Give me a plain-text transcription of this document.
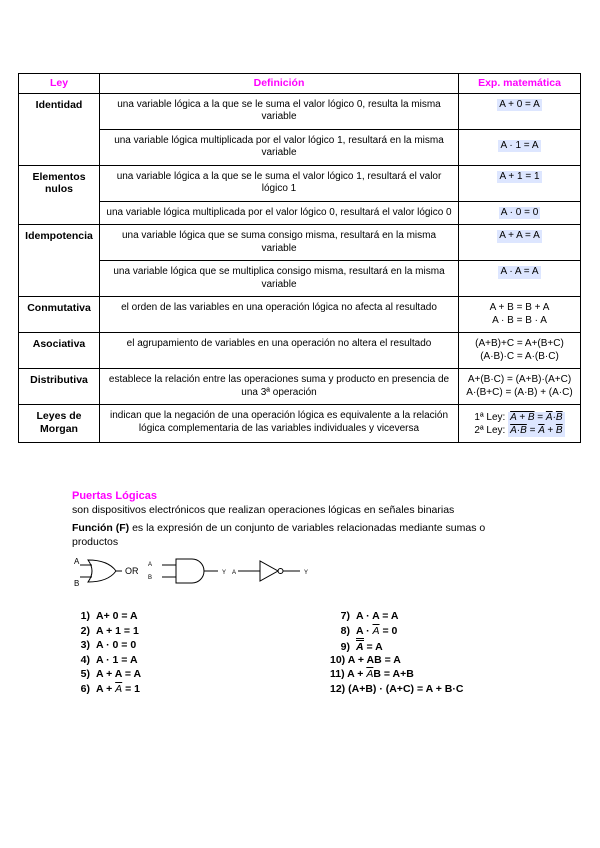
Ley	Definición	Exp. matemática
Identidad	una variable lógica a la que se le suma el valor lógico 0, resulta la misma variable	A + 0 = A
	una variable lógica multiplicada por el valor lógico 1, resultará en la misma variable	A · 1 = A
Elementos nulos	una variable lógica a la que se le suma el valor lógico 1, resultará el valor lógico 1	A + 1 = 1
	una variable lógica multiplicada por el valor lógico 0, resultará el valor lógico 0	A · 0 = 0
Idempotencia	una variable lógica que se suma consigo misma, resultará en la misma variable	A + A = A
	una variable lógica que se multiplica consigo misma, resultará en la misma variable	A · A = A
Conmutativa	el orden de las variables en una operación lógica no afecta al resultado	A + B = B + A
A · B = B · A

Asociativa	el agrupamiento de variables en una operación no altera el resultado	(A+B)+C = A+(B+C)
(A·B)·C = A·(B·C)

Distributiva	establece la relación entre las operaciones suma y producto en presencia de una 3ª operación	A+(B·C) = (A+B)·(A+C)
A·(B+C) = (A·B) + (A·C)

Leyes de Morgan	indican que la negación de una operación lógica es equivalente a la relación lógica complementaria de las variables individuales y viceversa	1ª Ley: $A + B = \overline{A}\cdot\overline{B}$
2ª Ley: $A\cdot B = \overline{A} + \overline{B}$
Puertas Lógicas
son dispositivos electrónicos que realizan operaciones lógicas en señales binarias
Función (F) es la expresión de un conjunto de variables relacionadas mediante sumas o productos
A
B
OR
A
B
Y A	Y
1) A+ 0 = A
2) A + 1 = 1
3) A · 0 = 0
4) A · 1 = A
5) A + A = A
6) $A + \overline{A} = 1$
7) A · A = A
8) $A \cdot \overline{A} = 0$
9) A = A
10) A + AB = A
11) $A + \overline{A}B = A+B$
12) (A+B) · (A+C) = A + B·C
